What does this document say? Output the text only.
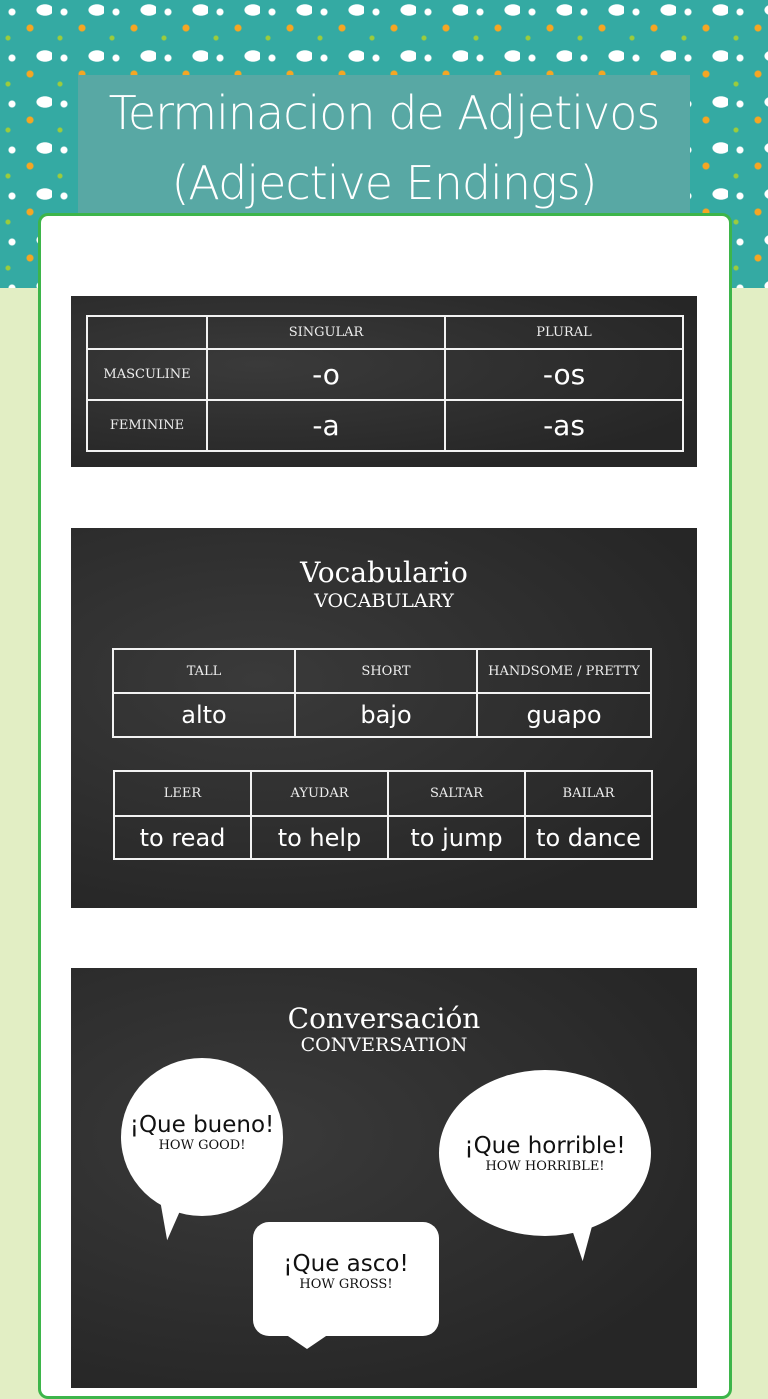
Terminacion de Adjetivos
(Adjective Endings)
	SINGULAR	PLURAL
MASCULINE	-o	-os
FEMININE	-a	-as
Vocabulario
VOCABULARY
TALL	SHORT	HANDSOME / PRETTY
alto	bajo	guapo
LEER	AYUDAR	SALTAR	BAILAR
to read	to help	to jump	to dance
Conversación
CONVERSATION
¡Que bueno!
HOW GOOD!	¡Que horrible!
HOW HORRIBLE!
¡Que asco!
HOW GROSS!
